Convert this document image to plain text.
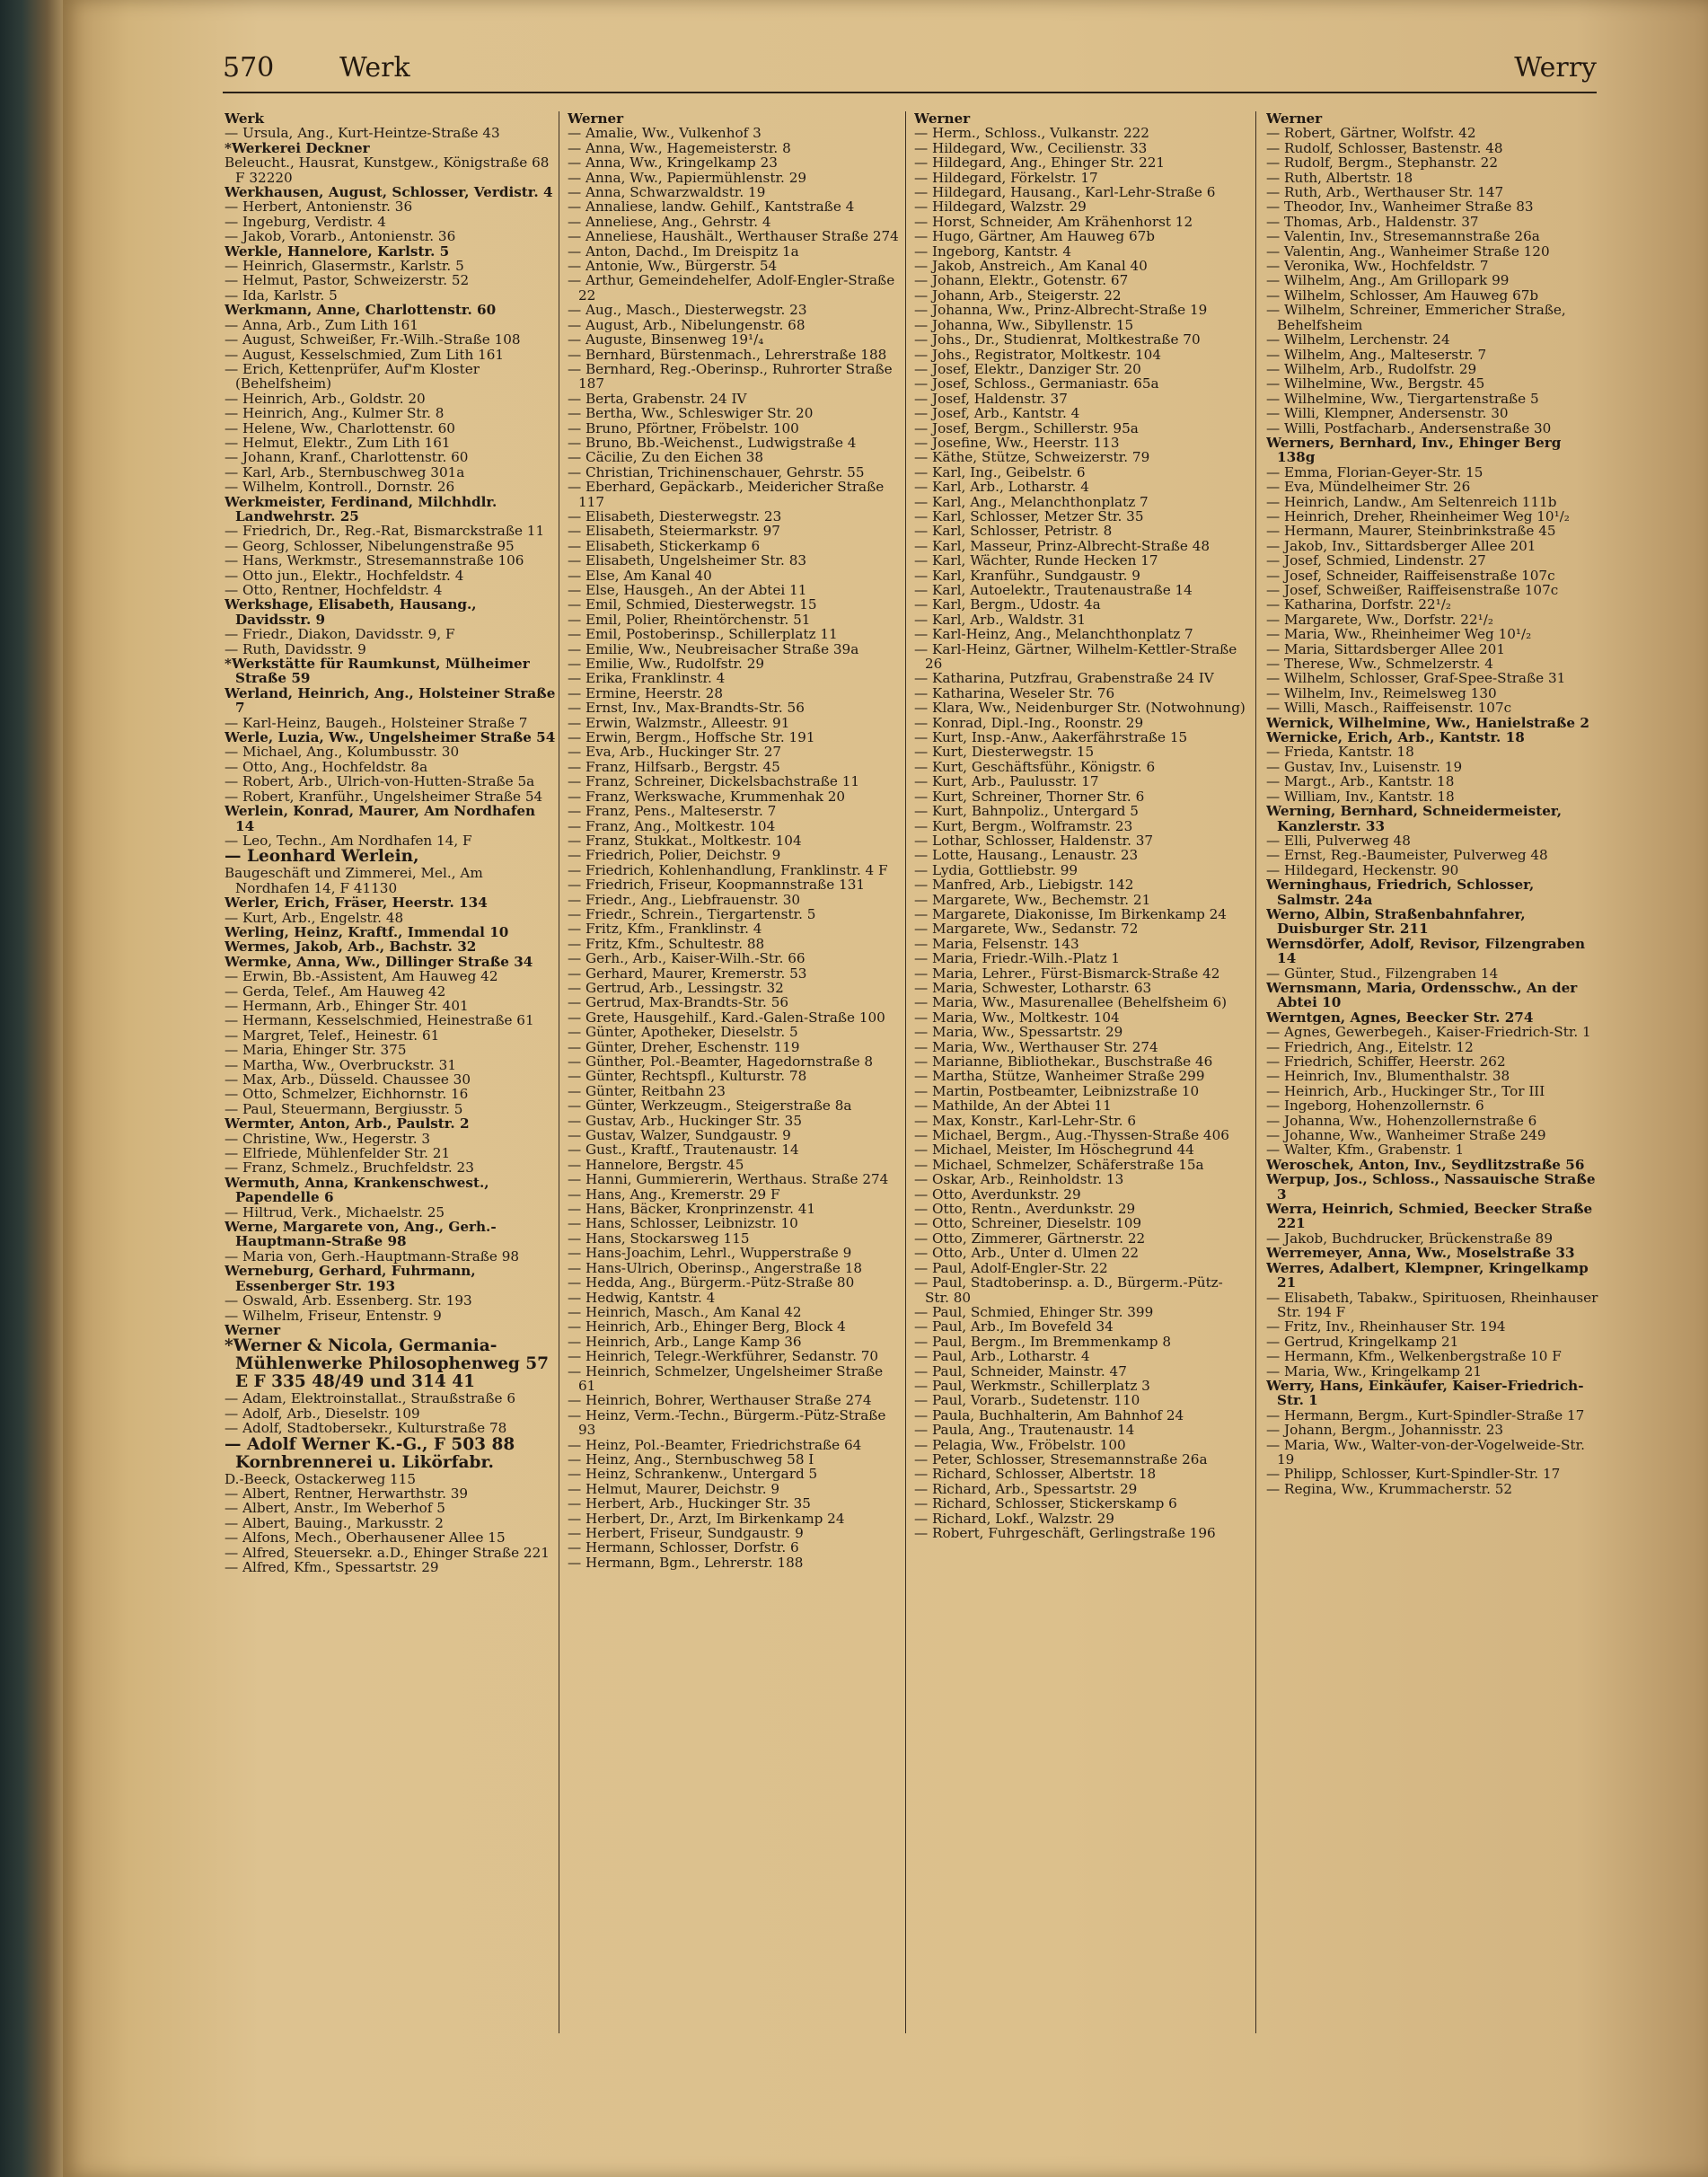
570 Werk	Werry

Werk

— Ursula, Ang., Kurt-Heintze-Straße 43

*Werkerei Deckner

Beleucht., Hausrat, Kunstgew., Königstraße 68 F 32220

Werkhausen, August, Schlosser, Verdistr. 4

— Herbert, Antonienstr. 36

— Ingeburg, Verdistr. 4

— Jakob, Vorarb., Antonienstr. 36

Werkle, Hannelore, Karlstr. 5

— Heinrich, Glasermstr., Karlstr. 5

— Helmut, Pastor, Schweizerstr. 52

— Ida, Karlstr. 5

Werkmann, Anne, Charlottenstr. 60

— Anna, Arb., Zum Lith 161

— August, Schweißer, Fr.-Wilh.-Straße 108

— August, Kesselschmied, Zum Lith 161

— Erich, Kettenprüfer, Auf'm Kloster (Behelfsheim)

— Heinrich, Arb., Goldstr. 20

— Heinrich, Ang., Kulmer Str. 8

— Helene, Ww., Charlottenstr. 60

— Helmut, Elektr., Zum Lith 161

— Johann, Kranf., Charlottenstr. 60

— Karl, Arb., Sternbuschweg 301a

— Wilhelm, Kontroll., Dornstr. 26

Werkmeister, Ferdinand, Milchhdlr. Landwehrstr. 25

— Friedrich, Dr., Reg.-Rat, Bismarckstraße 11

— Georg, Schlosser, Nibelungenstraße 95

— Hans, Werkmstr., Stresemannstraße 106

— Otto jun., Elektr., Hochfeldstr. 4

— Otto, Rentner, Hochfeldstr. 4

Werkshage, Elisabeth, Hausang., Davidsstr. 9

— Friedr., Diakon, Davidsstr. 9, F

— Ruth, Davidsstr. 9

*Werkstätte für Raumkunst, Mülheimer Straße 59

Werland, Heinrich, Ang., Holsteiner Straße 7

— Karl-Heinz, Baugeh., Holsteiner Straße 7

Werle, Luzia, Ww., Ungelsheimer Straße 54

— Michael, Ang., Kolumbusstr. 30

— Otto, Ang., Hochfeldstr. 8a

— Robert, Arb., Ulrich-von-Hutten-Straße 5a

— Robert, Kranführ., Ungelsheimer Straße 54

Werlein, Konrad, Maurer, Am Nordhafen 14

— Leo, Techn., Am Nordhafen 14, F

— Leonhard Werlein,

Baugeschäft und Zimmerei, Mel., Am Nordhafen 14, F 41130

Werler, Erich, Fräser, Heerstr. 134

— Kurt, Arb., Engelstr. 48

Werling, Heinz, Kraftf., Immendal 10

Wermes, Jakob, Arb., Bachstr. 32

Wermke, Anna, Ww., Dillinger Straße 34

— Erwin, Bb.-Assistent, Am Hauweg 42

— Gerda, Telef., Am Hauweg 42

— Hermann, Arb., Ehinger Str. 401

— Hermann, Kesselschmied, Heinestraße 61

— Margret, Telef., Heinestr. 61

— Maria, Ehinger Str. 375

— Martha, Ww., Overbruckstr. 31

— Max, Arb., Düsseld. Chaussee 30

— Otto, Schmelzer, Eichhornstr. 16

— Paul, Steuermann, Bergiusstr. 5

Wermter, Anton, Arb., Paulstr. 2

— Christine, Ww., Hegerstr. 3

— Elfriede, Mühlenfelder Str. 21

— Franz, Schmelz., Bruchfeldstr. 23

Wermuth, Anna, Krankenschwest., Papendelle 6

— Hiltrud, Verk., Michaelstr. 25

Werne, Margarete von, Ang., Gerh.-Hauptmann-Straße 98

— Maria von, Gerh.-Hauptmann-Straße 98

Werneburg, Gerhard, Fuhrmann, Essenberger Str. 193

— Oswald, Arb. Essenberg. Str. 193

— Wilhelm, Friseur, Entenstr. 9

Werner

*Werner & Nicola, Germania-Mühlenwerke Philosophenweg 57 E F 335 48/49 und 314 41

— Adam, Elektroinstallat., Straußstraße 6

— Adolf, Arb., Dieselstr. 109

— Adolf, Stadtobersekr., Kulturstraße 78

— Adolf Werner K.-G., F 503 88 Kornbrennerei u. Likörfabr.

D.-Beeck, Ostackerweg 115

— Albert, Rentner, Herwarthstr. 39

— Albert, Anstr., Im Weberhof 5

— Albert, Bauing., Markusstr. 2

— Alfons, Mech., Oberhausener Allee 15

— Alfred, Steuersekr. a.D., Ehinger Straße 221

— Alfred, Kfm., Spessartstr. 29

Werner

— Amalie, Ww., Vulkenhof 3

— Anna, Ww., Hagemeisterstr. 8

— Anna, Ww., Kringelkamp 23

— Anna, Ww., Papiermühlenstr. 29

— Anna, Schwarzwaldstr. 19

— Annaliese, landw. Gehilf., Kantstraße 4

— Anneliese, Ang., Gehrstr. 4

— Anneliese, Haushält., Werthauser Straße 274

— Anton, Dachd., Im Dreispitz 1a

— Antonie, Ww., Bürgerstr. 54

— Arthur, Gemeindehelfer, Adolf-Engler-Straße 22

— Aug., Masch., Diesterwegstr. 23

— August, Arb., Nibelungenstr. 68

— Auguste, Binsenweg 19¹/₄

— Bernhard, Bürstenmach., Lehrerstraße 188

— Bernhard, Reg.-Oberinsp., Ruhrorter Straße 187

— Berta, Grabenstr. 24 IV

— Bertha, Ww., Schleswiger Str. 20

— Bruno, Pförtner, Fröbelstr. 100

— Bruno, Bb.-Weichenst., Ludwigstraße 4

— Cäcilie, Zu den Eichen 38

— Christian, Trichinenschauer, Gehrstr. 55

— Eberhard, Gepäckarb., Meidericher Straße 117

— Elisabeth, Diesterwegstr. 23

— Elisabeth, Steiermarkstr. 97

— Elisabeth, Stickerkamp 6

— Elisabeth, Ungelsheimer Str. 83

— Else, Am Kanal 40

— Else, Hausgeh., An der Abtei 11

— Emil, Schmied, Diesterwegstr. 15

— Emil, Polier, Rheintörchenstr. 51

— Emil, Postoberinsp., Schillerplatz 11

— Emilie, Ww., Neubreisacher Straße 39a

— Emilie, Ww., Rudolfstr. 29

— Erika, Franklinstr. 4

— Ermine, Heerstr. 28

— Ernst, Inv., Max-Brandts-Str. 56

— Erwin, Walzmstr., Alleestr. 91

— Erwin, Bergm., Hoffsche Str. 191

— Eva, Arb., Huckinger Str. 27

— Franz, Hilfsarb., Bergstr. 45

— Franz, Schreiner, Dickelsbachstraße 11

— Franz, Werkswache, Krummenhak 20

— Franz, Pens., Malteserstr. 7

— Franz, Ang., Moltkestr. 104

— Franz, Stukkat., Moltkestr. 104

— Friedrich, Polier, Deichstr. 9

— Friedrich, Kohlenhandlung, Franklinstr. 4 F

— Friedrich, Friseur, Koopmannstraße 131

— Friedr., Ang., Liebfrauenstr. 30

— Friedr., Schrein., Tiergartenstr. 5

— Fritz, Kfm., Franklinstr. 4

— Fritz, Kfm., Schultestr. 88

— Gerh., Arb., Kaiser-Wilh.-Str. 66

— Gerhard, Maurer, Kremerstr. 53

— Gertrud, Arb., Lessingstr. 32

— Gertrud, Max-Brandts-Str. 56

— Grete, Hausgehilf., Kard.-Galen-Straße 100

— Günter, Apotheker, Dieselstr. 5

— Günter, Dreher, Eschenstr. 119

— Günther, Pol.-Beamter, Hagedornstraße 8

— Günter, Rechtspfl., Kulturstr. 78

— Günter, Reitbahn 23

— Günter, Werkzeugm., Steigerstraße 8a

— Gustav, Arb., Huckinger Str. 35

— Gustav, Walzer, Sundgaustr. 9

— Gust., Kraftf., Trautenaustr. 14

— Hannelore, Bergstr. 45

— Hanni, Gummiererin, Werthaus. Straße 274

— Hans, Ang., Kremerstr. 29 F

— Hans, Bäcker, Kronprinzenstr. 41

— Hans, Schlosser, Leibnizstr. 10

— Hans, Stockarsweg 115

— Hans-Joachim, Lehrl., Wupperstraße 9

— Hans-Ulrich, Oberinsp., Angerstraße 18

— Hedda, Ang., Bürgerm.-Pütz-Straße 80

— Hedwig, Kantstr. 4

— Heinrich, Masch., Am Kanal 42

— Heinrich, Arb., Ehinger Berg, Block 4

— Heinrich, Arb., Lange Kamp 36

— Heinrich, Telegr.-Werkführer, Sedanstr. 70

— Heinrich, Schmelzer, Ungelsheimer Straße 61

— Heinrich, Bohrer, Werthauser Straße 274

— Heinz, Verm.-Techn., Bürgerm.-Pütz-Straße 93

— Heinz, Pol.-Beamter, Friedrichstraße 64

— Heinz, Ang., Sternbuschweg 58 I

— Heinz, Schrankenw., Untergard 5

— Helmut, Maurer, Deichstr. 9

— Herbert, Arb., Huckinger Str. 35

— Herbert, Dr., Arzt, Im Birkenkamp 24

— Herbert, Friseur, Sundgaustr. 9

— Hermann, Schlosser, Dorfstr. 6

— Hermann, Bgm., Lehrerstr. 188

Werner

— Herm., Schloss., Vulkanstr. 222

— Hildegard, Ww., Cecilienstr. 33

— Hildegard, Ang., Ehinger Str. 221

— Hildegard, Förkelstr. 17

— Hildegard, Hausang., Karl-Lehr-Straße 6

— Hildegard, Walzstr. 29

— Horst, Schneider, Am Krähenhorst 12

— Hugo, Gärtner, Am Hauweg 67b

— Ingeborg, Kantstr. 4

— Jakob, Anstreich., Am Kanal 40

— Johann, Elektr., Gotenstr. 67

— Johann, Arb., Steigerstr. 22

— Johanna, Ww., Prinz-Albrecht-Straße 19

— Johanna, Ww., Sibyllenstr. 15

— Johs., Dr., Studienrat, Moltkestraße 70

— Johs., Registrator, Moltkestr. 104

— Josef, Elektr., Danziger Str. 20

— Josef, Schloss., Germaniastr. 65a

— Josef, Haldenstr. 37

— Josef, Arb., Kantstr. 4

— Josef, Bergm., Schillerstr. 95a

— Josefine, Ww., Heerstr. 113

— Käthe, Stütze, Schweizerstr. 79

— Karl, Ing., Geibelstr. 6

— Karl, Arb., Lotharstr. 4

— Karl, Ang., Melanchthonplatz 7

— Karl, Schlosser, Metzer Str. 35

— Karl, Schlosser, Petristr. 8

— Karl, Masseur, Prinz-Albrecht-Straße 48

— Karl, Wächter, Runde Hecken 17

— Karl, Kranführ., Sundgaustr. 9

— Karl, Autoelektr., Trautenaustraße 14

— Karl, Bergm., Udostr. 4a

— Karl, Arb., Waldstr. 31

— Karl-Heinz, Ang., Melanchthonplatz 7

— Karl-Heinz, Gärtner, Wilhelm-Kettler-Straße 26

— Katharina, Putzfrau, Grabenstraße 24 IV

— Katharina, Weseler Str. 76

— Klara, Ww., Neidenburger Str. (Notwohnung)

— Konrad, Dipl.-Ing., Roonstr. 29

— Kurt, Insp.-Anw., Aakerfährstraße 15

— Kurt, Diesterwegstr. 15

— Kurt, Geschäftsführ., Königstr. 6

— Kurt, Arb., Paulusstr. 17

— Kurt, Schreiner, Thorner Str. 6

— Kurt, Bahnpoliz., Untergard 5

— Kurt, Bergm., Wolframstr. 23

— Lothar, Schlosser, Haldenstr. 37

— Lotte, Hausang., Lenaustr. 23

— Lydia, Gottliebstr. 99

— Manfred, Arb., Liebigstr. 142

— Margarete, Ww., Bechemstr. 21

— Margarete, Diakonisse, Im Birkenkamp 24

— Margarete, Ww., Sedanstr. 72

— Maria, Felsenstr. 143

— Maria, Friedr.-Wilh.-Platz 1

— Maria, Lehrer., Fürst-Bismarck-Straße 42

— Maria, Schwester, Lotharstr. 63

— Maria, Ww., Masurenallee (Behelfsheim 6)

— Maria, Ww., Moltkestr. 104

— Maria, Ww., Spessartstr. 29

— Maria, Ww., Werthauser Str. 274

— Marianne, Bibliothekar., Buschstraße 46

— Martha, Stütze, Wanheimer Straße 299

— Martin, Postbeamter, Leibnizstraße 10

— Mathilde, An der Abtei 11

— Max, Konstr., Karl-Lehr-Str. 6

— Michael, Bergm., Aug.-Thyssen-Straße 406

— Michael, Meister, Im Höschegrund 44

— Michael, Schmelzer, Schäferstraße 15a

— Oskar, Arb., Reinholdstr. 13

— Otto, Averdunkstr. 29

— Otto, Rentn., Averdunkstr. 29

— Otto, Schreiner, Dieselstr. 109

— Otto, Zimmerer, Gärtnerstr. 22

— Otto, Arb., Unter d. Ulmen 22

— Paul, Adolf-Engler-Str. 22

— Paul, Stadtoberinsp. a. D., Bürgerm.-Pütz-Str. 80

— Paul, Schmied, Ehinger Str. 399

— Paul, Arb., Im Bovefeld 34

— Paul, Bergm., Im Bremmenkamp 8

— Paul, Arb., Lotharstr. 4

— Paul, Schneider, Mainstr. 47

— Paul, Werkmstr., Schillerplatz 3

— Paul, Vorarb., Sudetenstr. 110

— Paula, Buchhalterin, Am Bahnhof 24

— Paula, Ang., Trautenaustr. 14

— Pelagia, Ww., Fröbelstr. 100

— Peter, Schlosser, Stresemannstraße 26a

— Richard, Schlosser, Albertstr. 18

— Richard, Arb., Spessartstr. 29

— Richard, Schlosser, Stickerskamp 6

— Richard, Lokf., Walzstr. 29

— Robert, Fuhrgeschäft, Gerlingstraße 196

Werner

— Robert, Gärtner, Wolfstr. 42

— Rudolf, Schlosser, Bastenstr. 48

— Rudolf, Bergm., Stephanstr. 22

— Ruth, Albertstr. 18

— Ruth, Arb., Werthauser Str. 147

— Theodor, Inv., Wanheimer Straße 83

— Thomas, Arb., Haldenstr. 37

— Valentin, Inv., Stresemannstraße 26a

— Valentin, Ang., Wanheimer Straße 120

— Veronika, Ww., Hochfeldstr. 7

— Wilhelm, Ang., Am Grillopark 99

— Wilhelm, Schlosser, Am Hauweg 67b

— Wilhelm, Schreiner, Emmericher Straße, Behelfsheim

— Wilhelm, Lerchenstr. 24

— Wilhelm, Ang., Malteserstr. 7

— Wilhelm, Arb., Rudolfstr. 29

— Wilhelmine, Ww., Bergstr. 45

— Wilhelmine, Ww., Tiergartenstraße 5

— Willi, Klempner, Andersenstr. 30

— Willi, Postfacharb., Andersenstraße 30

Werners, Bernhard, Inv., Ehinger Berg 138g

— Emma, Florian-Geyer-Str. 15

— Eva, Mündelheimer Str. 26

— Heinrich, Landw., Am Seltenreich 111b

— Heinrich, Dreher, Rheinheimer Weg 10¹/₂

— Hermann, Maurer, Steinbrinkstraße 45

— Jakob, Inv., Sittardsberger Allee 201

— Josef, Schmied, Lindenstr. 27

— Josef, Schneider, Raiffeisenstraße 107c

— Josef, Schweißer, Raiffeisenstraße 107c

— Katharina, Dorfstr. 22¹/₂

— Margarete, Ww., Dorfstr. 22¹/₂

— Maria, Ww., Rheinheimer Weg 10¹/₂

— Maria, Sittardsberger Allee 201

— Therese, Ww., Schmelzerstr. 4

— Wilhelm, Schlosser, Graf-Spee-Straße 31

— Wilhelm, Inv., Reimelsweg 130

— Willi, Masch., Raiffeisenstr. 107c

Wernick, Wilhelmine, Ww., Hanielstraße 2

Wernicke, Erich, Arb., Kantstr. 18

— Frieda, Kantstr. 18

— Gustav, Inv., Luisenstr. 19

— Margt., Arb., Kantstr. 18

— William, Inv., Kantstr. 18

Werning, Bernhard, Schneidermeister, Kanzlerstr. 33

— Elli, Pulverweg 48

— Ernst, Reg.-Baumeister, Pulverweg 48

— Hildegard, Heckenstr. 90

Werninghaus, Friedrich, Schlosser, Salmstr. 24a

Werno, Albin, Straßenbahnfahrer, Duisburger Str. 211

Wernsdörfer, Adolf, Revisor, Filzengraben 14

— Günter, Stud., Filzengraben 14

Wernsmann, Maria, Ordensschw., An der Abtei 10

Werntgen, Agnes, Beecker Str. 274

— Agnes, Gewerbegeh., Kaiser-Friedrich-Str. 1

— Friedrich, Ang., Eitelstr. 12

— Friedrich, Schiffer, Heerstr. 262

— Heinrich, Inv., Blumenthalstr. 38

— Heinrich, Arb., Huckinger Str., Tor III

— Ingeborg, Hohenzollernstr. 6

— Johanna, Ww., Hohenzollernstraße 6

— Johanne, Ww., Wanheimer Straße 249

— Walter, Kfm., Grabenstr. 1

Weroschek, Anton, Inv., Seydlitzstraße 56

Werpup, Jos., Schloss., Nassauische Straße 3

Werra, Heinrich, Schmied, Beecker Straße 221

— Jakob, Buchdrucker, Brückenstraße 89

Werremeyer, Anna, Ww., Moselstraße 33

Werres, Adalbert, Klempner, Kringelkamp 21

— Elisabeth, Tabakw., Spirituosen, Rheinhauser Str. 194 F

— Fritz, Inv., Rheinhauser Str. 194

— Gertrud, Kringelkamp 21

— Hermann, Kfm., Welkenbergstraße 10 F

— Maria, Ww., Kringelkamp 21

Werry, Hans, Einkäufer, Kaiser-Friedrich-Str. 1

— Hermann, Bergm., Kurt-Spindler-Straße 17

— Johann, Bergm., Johannisstr. 23

— Maria, Ww., Walter-von-der-Vogelweide-Str. 19

— Philipp, Schlosser, Kurt-Spindler-Str. 17

— Regina, Ww., Krummacherstr. 52
